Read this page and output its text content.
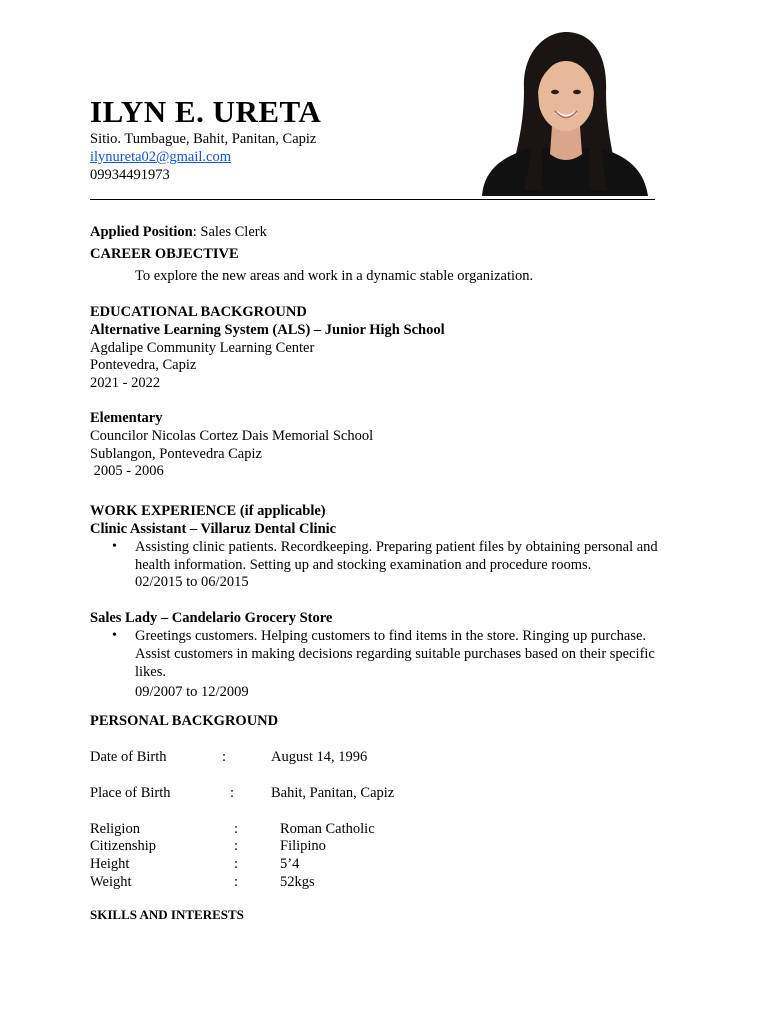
ILYN E. URETA
Sitio. Tumbague, Bahit, Panitan, Capiz
ilynureta02@gmail.com
09934491973
Applied Position: Sales Clerk
CAREER OBJECTIVE
To explore the new areas and work in a dynamic stable organization.
EDUCATIONAL BACKGROUND
Alternative Learning System (ALS) – Junior High School
Agdalipe Community Learning Center
Pontevedra, Capiz
2021 - 2022
Elementary
Councilor Nicolas Cortez Dais Memorial School
Sublangon, Pontevedra Capiz
2005 - 2006
WORK EXPERIENCE (if applicable)
Clinic Assistant – Villaruz Dental Clinic
• Assisting clinic patients. Recordkeeping. Preparing patient files by obtaining personal and health information. Setting up and stocking examination and procedure rooms.
02/2015 to 06/2015
Sales Lady – Candelario Grocery Store
• Greetings customers. Helping customers to find items in the store. Ringing up purchase. Assist customers in making decisions regarding suitable purchases based on their specific likes.
09/2007 to 12/2009
PERSONAL BACKGROUND
Date of Birth	:	August 14, 1996
Place of Birth	:	Bahit, Panitan, Capiz
Religion	:	Roman Catholic
Citizenship	:	Filipino
Height	:	5’4
Weight	:	52kgs
SKILLS AND INTERESTS
